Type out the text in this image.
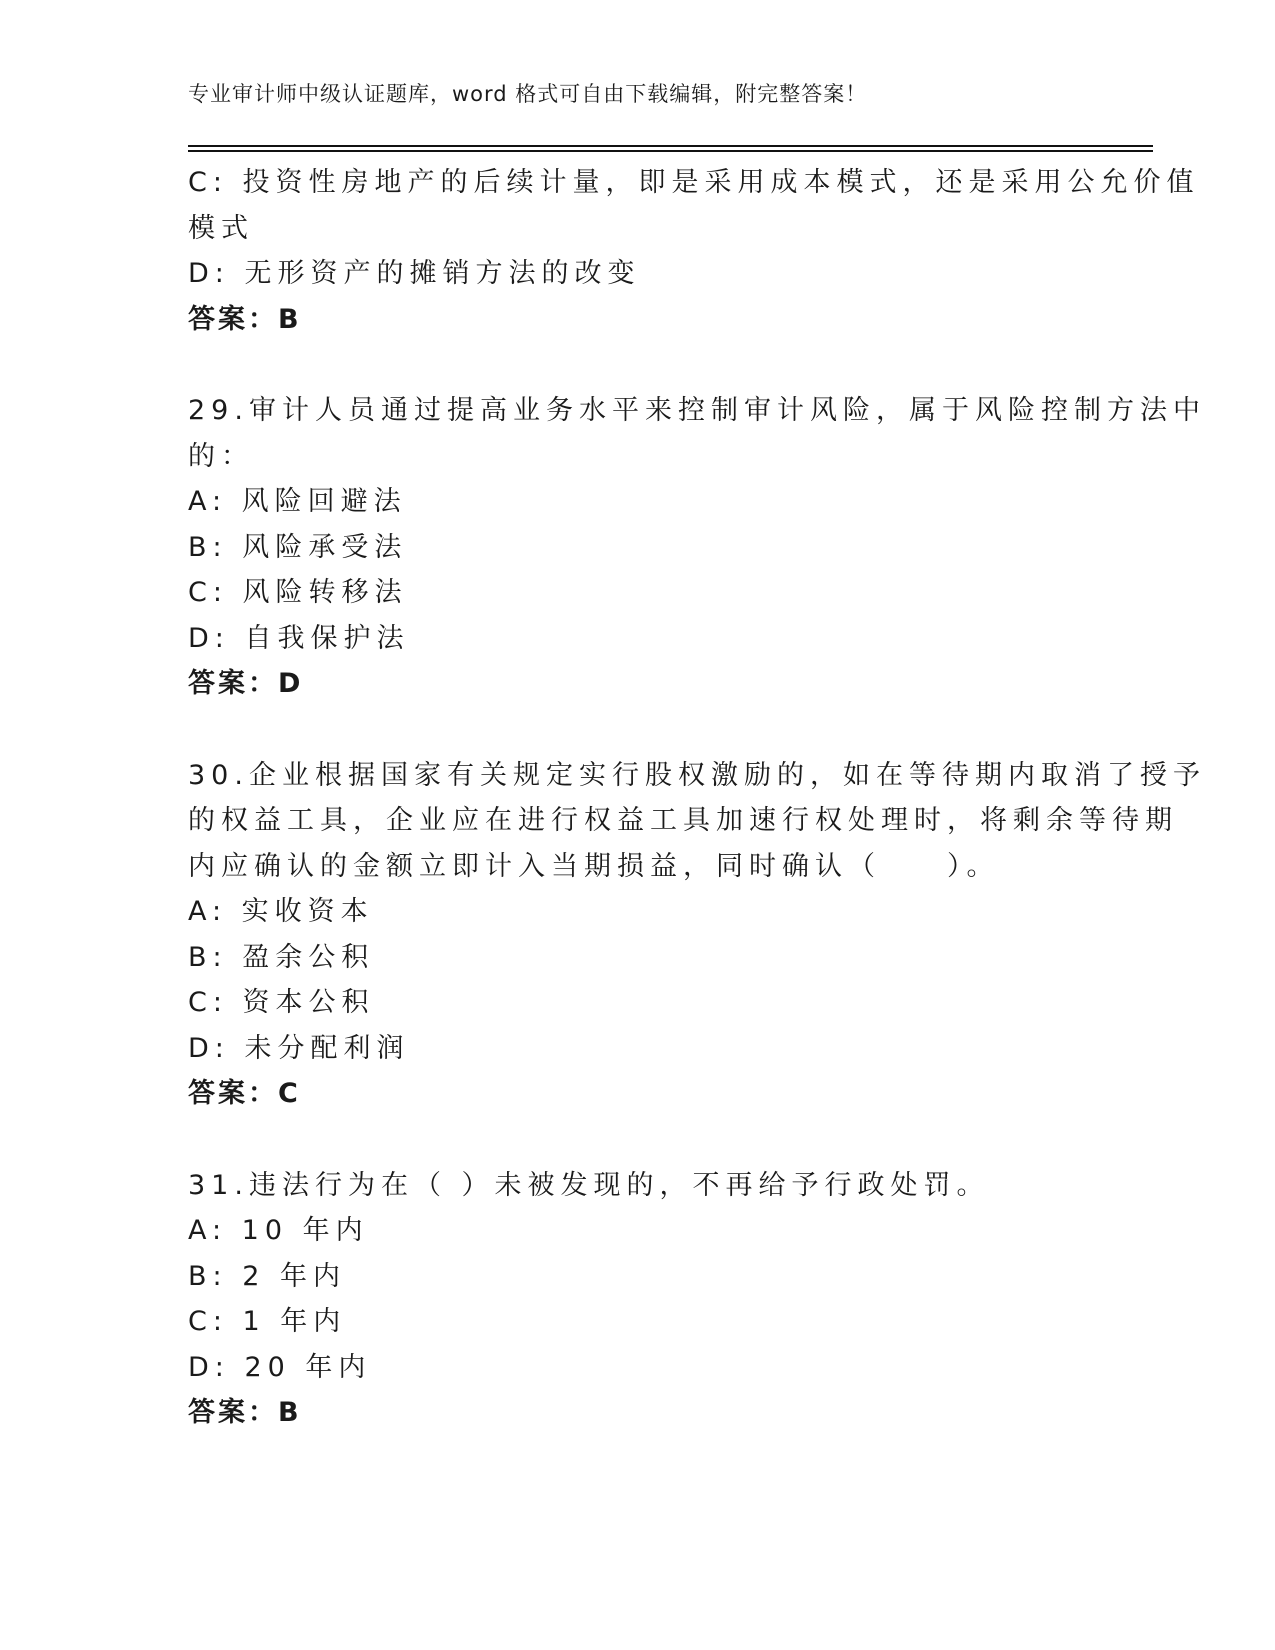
专业审计师中级认证题库，word 格式可自由下载编辑，附完整答案！
C: 投资性房地产的后续计量，即是采用成本模式，还是采用公允价值
模式
D: 无形资产的摊销方法的改变
答案：B
29.审计人员通过提高业务水平来控制审计风险，属于风险控制方法中
的：
A: 风险回避法
B: 风险承受法
C: 风险转移法
D: 自我保护法
答案：D
30.企业根据国家有关规定实行股权激励的，如在等待期内取消了授予
的权益工具，企业应在进行权益工具加速行权处理时，将剩余等待期
内应确认的金额立即计入当期损益，同时确认（　　）。
A: 实收资本
B: 盈余公积
C: 资本公积
D: 未分配利润
答案：C
31.违法行为在（ ）未被发现的，不再给予行政处罚。
A: 10 年内
B: 2 年内
C: 1 年内
D: 20 年内
答案：B
